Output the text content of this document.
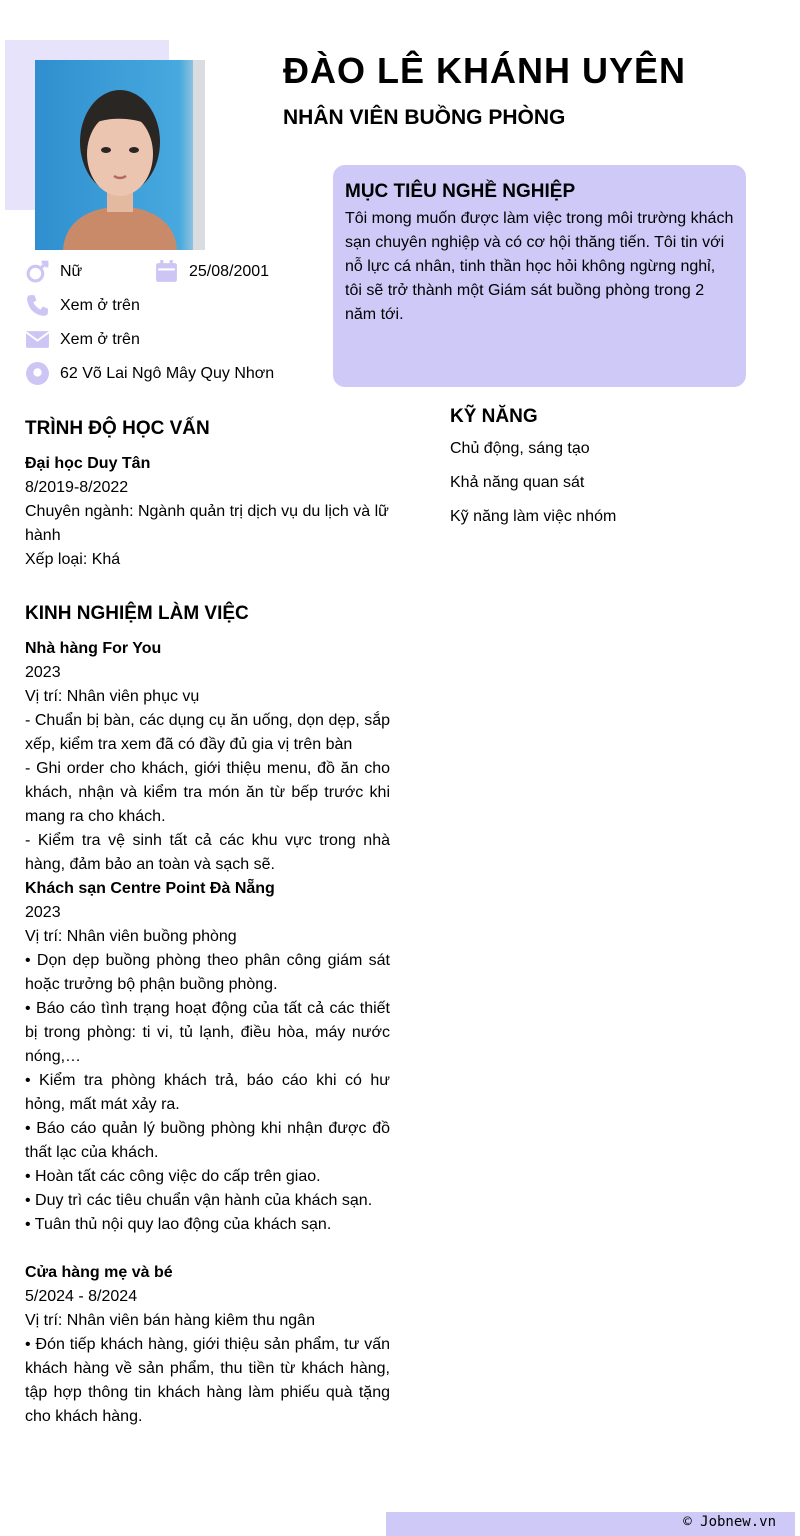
ĐÀO LÊ KHÁNH UYÊN
NHÂN VIÊN BUỒNG PHÒNG
Nữ	25/08/2001
Xem ở trên
Xem ở trên
62 Võ Lai Ngô Mây Quy Nhơn
MỤC TIÊU NGHỀ NGHIỆP
Tôi mong muốn được làm việc trong môi trường khách sạn chuyên nghiệp và có cơ hội thăng tiến. Tôi tin với nỗ lực cá nhân, tinh thần học hỏi không ngừng nghỉ, tôi sẽ trở thành một Giám sát buồng phòng trong 2 năm tới.
KỸ NĂNG
Chủ động, sáng tạo
Khả năng quan sát
Kỹ năng làm việc nhóm
TRÌNH ĐỘ HỌC VẤN
Đại học Duy Tân
8/2019-8/2022
Chuyên ngành: Ngành quản trị dịch vụ du lịch và lữ hành
Xếp loại: Khá
KINH NGHIỆM LÀM VIỆC
Nhà hàng For You
2023
Vị trí: Nhân viên phục vụ
- Chuẩn bị bàn, các dụng cụ ăn uống, dọn dẹp, sắp xếp, kiểm tra xem đã có đầy đủ gia vị trên bàn
- Ghi order cho khách, giới thiệu menu, đồ ăn cho khách, nhận và kiểm tra món ăn từ bếp trước khi mang ra cho khách.
- Kiểm tra vệ sinh tất cả các khu vực trong nhà hàng, đảm bảo an toàn và sạch sẽ.
Khách sạn Centre Point Đà Nẵng
2023
Vị trí: Nhân viên buồng phòng
• Dọn dẹp buồng phòng theo phân công giám sát hoặc trưởng bộ phận buồng phòng.
• Báo cáo tình trạng hoạt động của tất cả các thiết bị trong phòng: ti vi, tủ lạnh, điều hòa, máy nước nóng,…
• Kiểm tra phòng khách trả, báo cáo khi có hư hỏng, mất mát xảy ra.
• Báo cáo quản lý buồng phòng khi nhận được đồ thất lạc của khách.
• Hoàn tất các công việc do cấp trên giao.
• Duy trì các tiêu chuẩn vận hành của khách sạn.
• Tuân thủ nội quy lao động của khách sạn.
Cửa hàng mẹ và bé
5/2024 - 8/2024
Vị trí: Nhân viên bán hàng kiêm thu ngân
• Đón tiếp khách hàng, giới thiệu sản phẩm, tư vấn khách hàng về sản phẩm, thu tiền từ khách hàng, tập hợp thông tin khách hàng làm phiếu quà tặng cho khách hàng.
© Jobnew.vn
